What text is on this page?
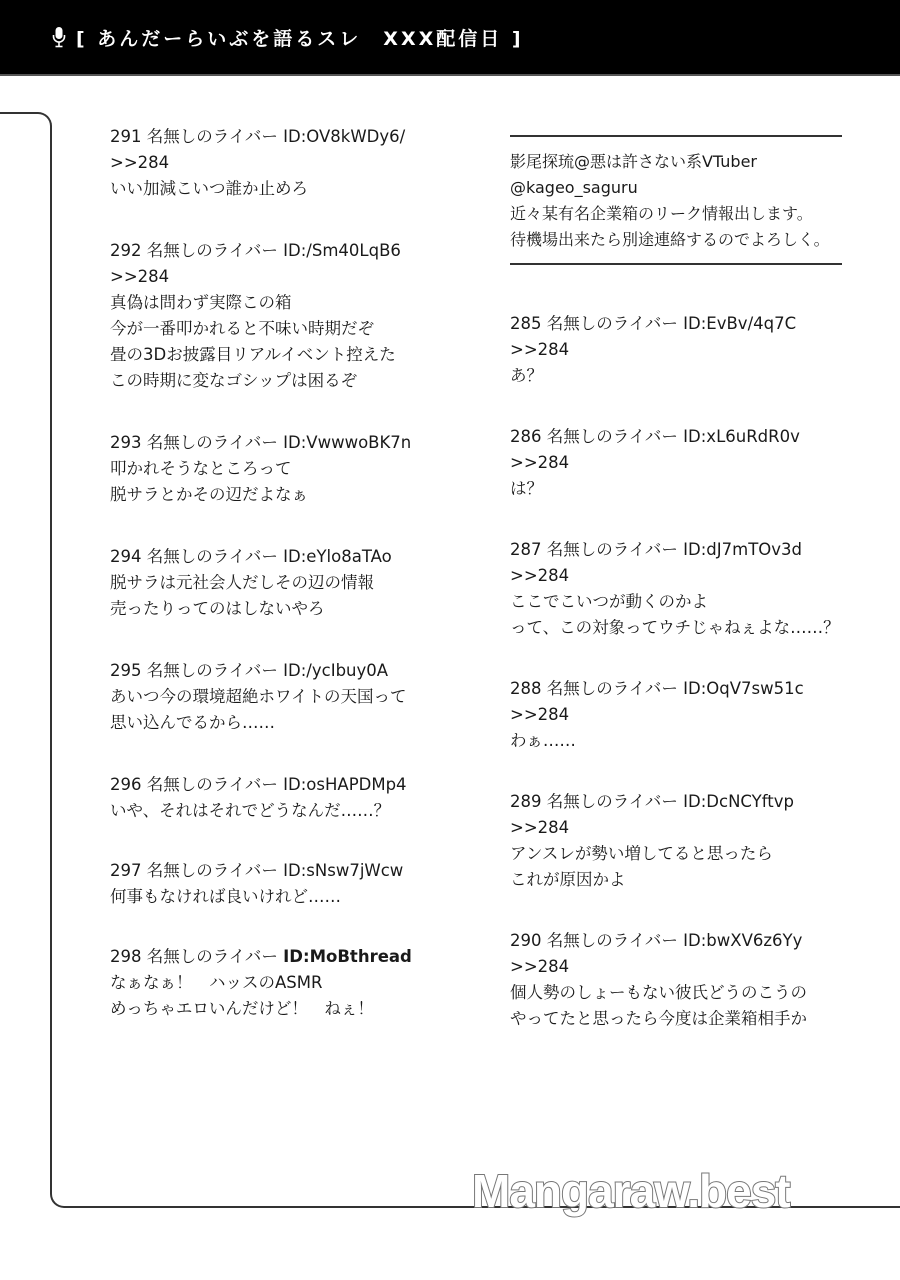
[ あんだーらいぶを語るスレ　XXX配信日 ]
291 名無しのライバー ID:OV8kWDy6/
>>284
いい加減こいつ誰か止めろ
292 名無しのライバー ID:/Sm40LqB6
>>284
真偽は問わず実際この箱
今が一番叩かれると不味い時期だぞ
畳の3Dお披露目リアルイベント控えた
この時期に変なゴシップは困るぞ
293 名無しのライバー ID:VwwwoBK7n
叩かれそうなところって
脱サラとかその辺だよなぁ
294 名無しのライバー ID:eYlo8aTAo
脱サラは元社会人だしその辺の情報
売ったりってのはしないやろ
295 名無しのライバー ID:/ycIbuy0A
あいつ今の環境超絶ホワイトの天国って
思い込んでるから……
296 名無しのライバー ID:osHAPDMp4
いや、それはそれでどうなんだ……？
297 名無しのライバー ID:sNsw7jWcw
何事もなければ良いけれど……
298 名無しのライバー ID:MoBthread
なぁなぁ！　ハッスのASMR
めっちゃエロいんだけど！　ねぇ！
影尾探琉@悪は許さない系VTuber
@kageo_saguru
近々某有名企業箱のリーク情報出します。
待機場出来たら別途連絡するのでよろしく。
285 名無しのライバー ID:EvBv/4q7C
>>284
あ？
286 名無しのライバー ID:xL6uRdR0v
>>284
は？
287 名無しのライバー ID:dJ7mTOv3d
>>284
ここでこいつが動くのかよ
って、この対象ってウチじゃねぇよな……？
288 名無しのライバー ID:OqV7sw51c
>>284
わぁ……
289 名無しのライバー ID:DcNCYftvp
>>284
アンスレが勢い増してると思ったら
これが原因かよ
290 名無しのライバー ID:bwXV6z6Yy
>>284
個人勢のしょーもない彼氏どうのこうの
やってたと思ったら今度は企業箱相手か
Mangaraw.best
